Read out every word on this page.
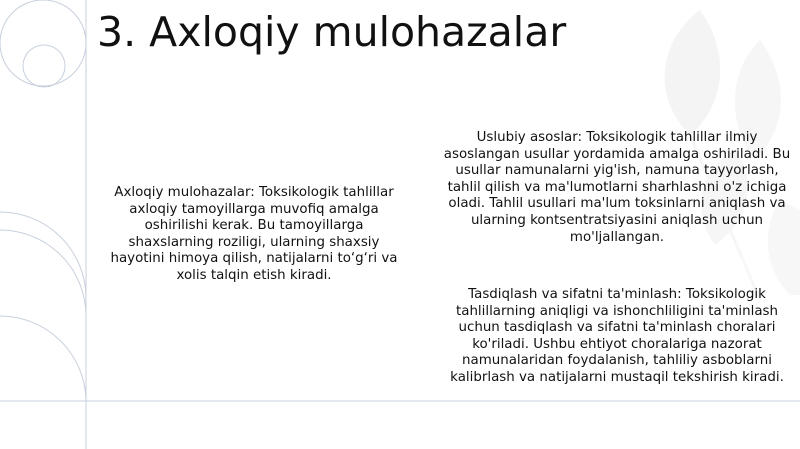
3. Axloqiy mulohazalar

Axloqiy mulohazalar: Toksikologik tahlillar axloqiy tamoyillarga muvofiq amalga oshirilishi kerak. Bu tamoyillarga shaxslarning roziligi, ularning shaxsiy hayotini himoya qilish, natijalarni to‘g‘ri va xolis talqin etish kiradi.

Uslubiy asoslar: Toksikologik tahlillar ilmiy asoslangan usullar yordamida amalga oshiriladi. Bu usullar namunalarni yig'ish, namuna tayyorlash, tahlil qilish va ma'lumotlarni sharhlashni o'z ichiga oladi. Tahlil usullari ma'lum toksinlarni aniqlash va ularning kontsentratsiyasini aniqlash uchun mo'ljallangan.

Tasdiqlash va sifatni ta'minlash: Toksikologik tahlillarning aniqligi va ishonchliligini ta'minlash uchun tasdiqlash va sifatni ta'minlash choralari ko'riladi. Ushbu ehtiyot choralariga nazorat namunalaridan foydalanish, tahliliy asboblarni kalibrlash va natijalarni mustaqil tekshirish kiradi.
